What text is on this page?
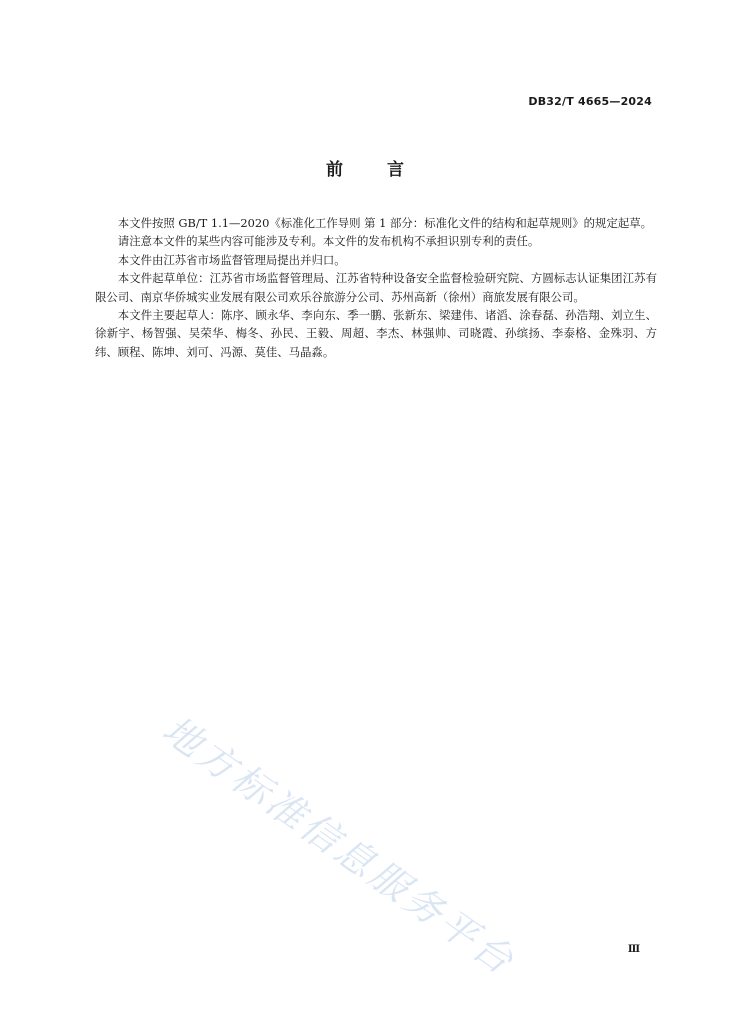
DB32/T 4665—2024
前	言

本文件按照 GB/T 1.1—2020《标准化工作导则 第 1 部分：标准化文件的结构和起草规则》的规定起草。

请注意本文件的某些内容可能涉及专利。本文件的发布机构不承担识别专利的责任。

本文件由江苏省市场监督管理局提出并归口。

本文件起草单位：江苏省市场监督管理局、江苏省特种设备安全监督检验研究院、方圆标志认证集团江苏有限公司、南京华侨城实业发展有限公司欢乐谷旅游分公司、苏州高新（徐州）商旅发展有限公司。

本文件主要起草人：陈序、顾永华、李向东、季一鹏、张新东、梁建伟、诸滔、涂春磊、孙浩翔、刘立生、徐新宇、杨智强、吴荣华、梅冬、孙民、王毅、周超、李杰、林强帅、司晓霞、孙缤扬、李泰格、金殊羽、方纬、顾程、陈坤、刘可、冯源、莫佳、马晶淼。

地方标准信息服务平台	Ⅲ
